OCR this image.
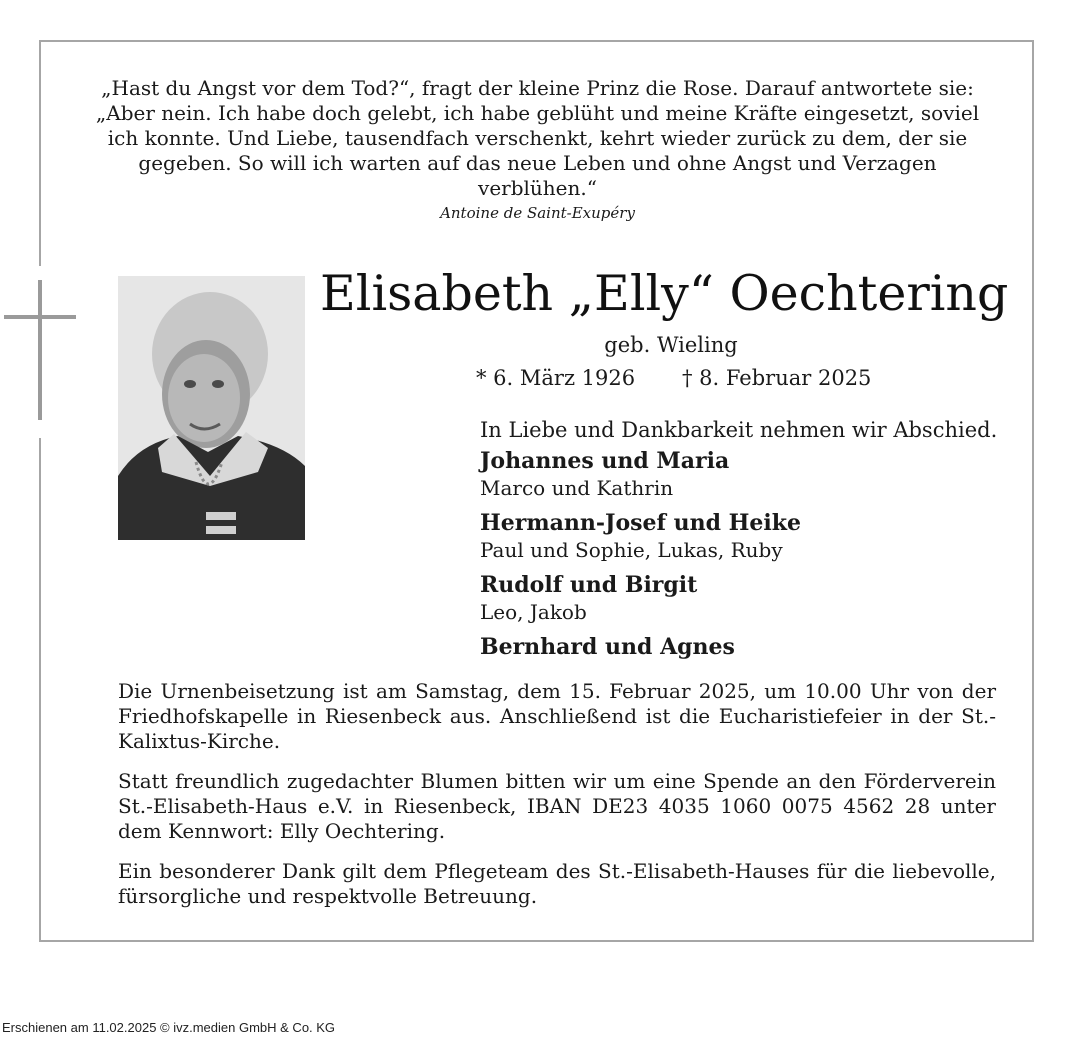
„Hast du Angst vor dem Tod?“, fragt der kleine Prinz die Rose. Darauf antwortete sie: „Aber nein. Ich habe doch gelebt, ich habe geblüht und meine Kräfte eingesetzt, soviel ich konnte. Und Liebe, tausendfach verschenkt, kehrt wieder zurück zu dem, der sie gegeben. So will ich warten auf das neue Leben und ohne Angst und Verzagen verblühen.“

Antoine de Saint-Exupéry
Elisabeth „Elly“ Oechtering
geb. Wieling
* 6. März 1926 † 8. Februar 2025
In Liebe und Dankbarkeit nehmen wir Abschied.
Johannes und Maria
Marco und Kathrin
Hermann-Josef und Heike
Paul und Sophie, Lukas, Ruby
Rudolf und Birgit
Leo, Jakob
Bernhard und Agnes

Die Urnenbeisetzung ist am Samstag, dem 15. Februar 2025, um 10.00 Uhr von der Friedhofskapelle in Riesenbeck aus. Anschließend ist die Eucharistiefeier in der St.-Kalixtus-Kirche.

Statt freundlich zugedachter Blumen bitten wir um eine Spende an den Förderverein St.-Elisabeth-Haus e.V. in Riesenbeck, IBAN DE23 4035 1060 0075 4562 28 unter dem Kennwort: Elly Oechtering.

Ein besonderer Dank gilt dem Pflegeteam des St.-Elisabeth-Hauses für die liebevolle, fürsorgliche und respektvolle Betreuung.

Erschienen am 11.02.2025 © ivz.medien GmbH & Co. KG
